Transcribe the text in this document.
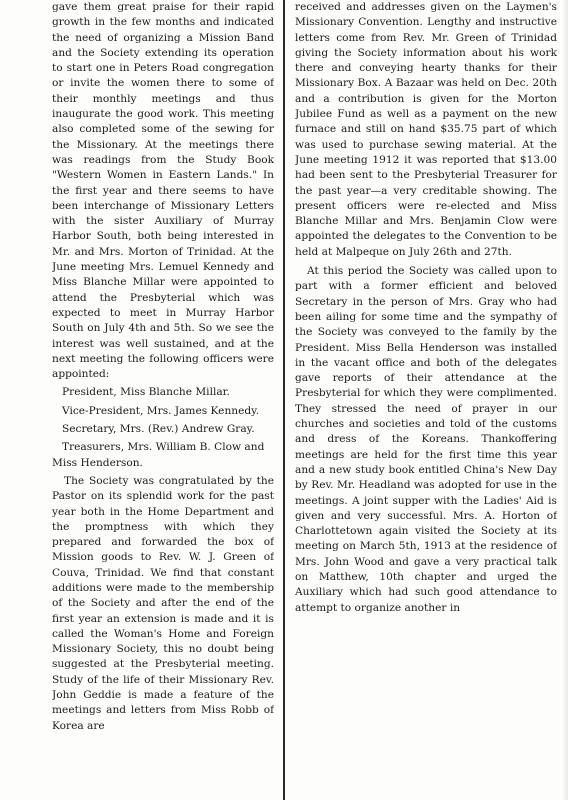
gave them great praise for their rapid growth in the few months and indicated the need of organizing a Mission Band and the Society extending its operation to start one in Peters Road congregation or invite the women there to some of their monthly meetings and thus inaugurate the good work. This meeting also completed some of the sewing for the Missionary. At the meetings there was readings from the Study Book "Western Women in Eastern Lands." In the first year and there seems to have been interchange of Missionary Letters with the sister Auxiliary of Murray Harbor South, both being interested in Mr. and Mrs. Morton of Trinidad. At the June meeting Mrs. Lemuel Kennedy and Miss Blanche Millar were appointed to attend the Presbyterial which was expected to meet in Murray Harbor South on July 4th and 5th. So we see the interest was well sustained, and at the next meeting the following officers were appointed:

President, Miss Blanche Millar.

Vice-President, Mrs. James Kennedy.

Secretary, Mrs. (Rev.) Andrew Gray.

Treasurers, Mrs. William B. Clow and Miss Henderson.

The Society was congratulated by the Pastor on its splendid work for the past year both in the Home Department and the promptness with which they prepared and forwarded the box of Mission goods to Rev. W. J. Green of Couva, Trinidad. We find that constant additions were made to the membership of the Society and after the end of the first year an extension is made and it is called the Woman's Home and Foreign Missionary Society, this no doubt being suggested at the Presbyterial meeting. Study of the life of their Missionary Rev. John Geddie is made a feature of the meetings and letters from Miss Robb of Korea are

received and addresses given on the Laymen's Missionary Convention. Lengthy and instructive letters come from Rev. Mr. Green of Trinidad giving the Society information about his work there and conveying hearty thanks for their Missionary Box. A Bazaar was held on Dec. 20th and a contribution is given for the Morton Jubilee Fund as well as a payment on the new furnace and still on hand $35.75 part of which was used to purchase sewing material. At the June meeting 1912 it was reported that $13.00 had been sent to the Presbyterial Treasurer for the past year—a very creditable showing. The present officers were re-elected and Miss Blanche Millar and Mrs. Benjamin Clow were appointed the delegates to the Convention to be held at Malpeque on July 26th and 27th.

At this period the Society was called upon to part with a former efficient and beloved Secretary in the person of Mrs. Gray who had been ailing for some time and the sympathy of the Society was conveyed to the family by the President. Miss Bella Henderson was installed in the vacant office and both of the delegates gave reports of their attendance at the Presbyterial for which they were complimented. They stressed the need of prayer in our churches and societies and told of the customs and dress of the Koreans. Thankoffering meetings are held for the first time this year and a new study book entitled China's New Day by Rev. Mr. Headland was adopted for use in the meetings. A joint supper with the Ladies' Aid is given and very successful. Mrs. A. Horton of Charlottetown again visited the Society at its meeting on March 5th, 1913 at the residence of Mrs. John Wood and gave a very practical talk on Matthew, 10th chapter and urged the Auxiliary which had such good attendance to attempt to organize another in
